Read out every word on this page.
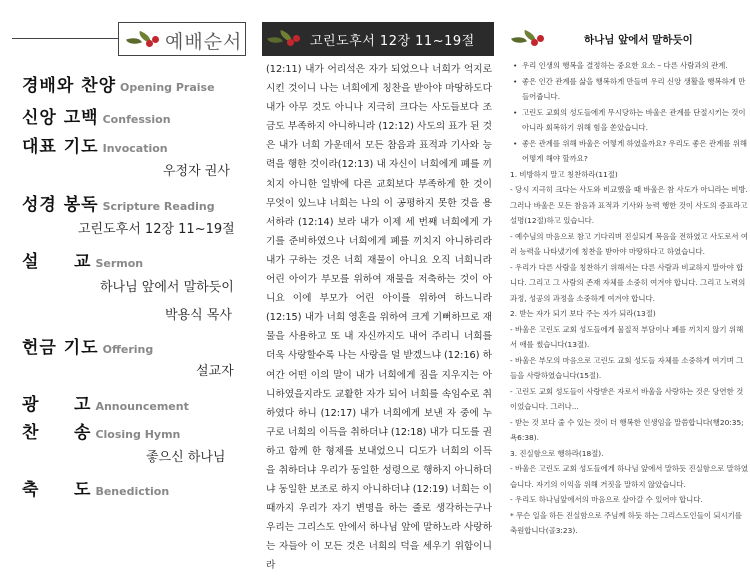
예배순서
경배와 찬양 Opening Praise
신앙 고백 Confession
대표 기도 Invocation
우정자 권사
성경 봉독 Scripture Reading
고린도후서 12장 11~19절
설 교 Sermon
하나님 앞에서 말하듯이
박용식 목사
헌금 기도 Offering
설교자
광 고 Announcement
찬 송 Closing Hymn
좋으신 하나님
축 도 Benediction
고린도후서 12장 11~19절
(12:11) 내가 어리석은 자가 되었으나 너희가 억지로 시킨 것이니 나는 너희에게 칭찬을 받아야 마땅하도다 내가 아무 것도 아니나 지극히 크다는 사도들보다 조금도 부족하지 아니하니라 (12:12) 사도의 표가 된 것은 내가 너희 가운데서 모든 참음과 표적과 기사와 능력을 행한 것이라(12:13) 내 자신이 너희에게 폐를 끼치지 아니한 일밖에 다른 교회보다 부족하게 한 것이 무엇이 있느냐 너희는 나의 이 공평하지 못한 것을 용서하라 (12:14) 보라 내가 이제 세 번째 너희에게 가기를 준비하였으나 너희에게 폐를 끼치지 아니하리라 내가 구하는 것은 너희 재물이 아니요 오직 너희니라 어린 아이가 부모를 위하여 재물을 저축하는 것이 아니요 이에 부모가 어린 아이를 위하여 하느니라 (12:15) 내가 너희 영혼을 위하여 크게 기뻐하므로 재물을 사용하고 또 내 자신까지도 내어 주리니 너희를 더욱 사랑할수록 나는 사랑을 덜 받겠느냐 (12:16) 하여간 어떤 이의 말이 내가 너희에게 짐을 지우지는 아니하였을지라도 교활한 자가 되어 너희를 속임수로 취하였다 하니 (12:17) 내가 너희에게 보낸 자 중에 누구로 너희의 이득을 취하더냐 (12:18) 내가 디도를 권하고 함께 한 형제를 보내었으니 디도가 너희의 이득을 취하더냐 우리가 동일한 성령으로 행하지 아니하더냐 동일한 보조로 하지 아니하더냐 (12:19) 너희는 이 때까지 우리가 자기 변명을 하는 줄로 생각하는구나 우리는 그리스도 안에서 하나님 앞에 말하노라 사랑하는 자들아 이 모든 것은 너희의 덕을 세우기 위함이니라
하나님 앞에서 말하듯이

• 우리 인생의 행복을 결정하는 중요한 요소 – 다른 사람과의 관계.

• 좋은 인간 관계를 삶을 행복하게 만들며 우리 신앙 생활을 행복하게 만들어줍니다.

• 고린도 교회의 성도들에게 무시당하는 바울은 관계를 단절시키는 것이 아니라 회복하기 위해 힘을 쏟았습니다.

• 좋은 관계를 위해 바울은 어떻게 하였을까요? 우리도 좋은 관계를 위해 어떻게 해야 할까요?

1. 비방하지 말고 칭찬하라(11절)

- 당시 지극히 크다는 사도와 비교했을 때 바울은 참 사도가 아니라는 비방. 그러나 바울은 모든 참음과 표적과 기사와 능력 행한 것이 사도의 증표라고 설명(12절)하고 있습니다.

- 예수님의 마음으로 참고 기다리며 진실되게 복음을 전하였고 사도로서 여러 능력을 나타냈기에 칭찬을 받아야 마땅하다고 하였습니다.

- 우리가 다른 사람을 칭찬하기 위해서는 다른 사람과 비교하지 말아야 합니다. 그리고 그 사람의 존재 자체를 소중히 여겨야 합니다. 그리고 노력의 과정, 성공의 과정을 소중하게 여겨야 합니다.

2. 받는 자가 되기 보다 주는 자가 되라(13절)

- 바울은 고린도 교회 성도들에게 물질적 부담이나 폐를 끼치지 않기 위해서 애를 썼습니다(13절).

- 바울은 부모의 마음으로 고린도 교회 성도들 자체를 소중하게 여기며 그들을 사랑하였습니다(15절).

- 고린도 교회 성도들이 사랑받은 자로서 바울을 사랑하는 것은 당연한 것이었습니다. 그러나...

- 받는 것 보다 줄 수 있는 것이 더 행복한 인생임을 말씀합니다(행20:35; 욕6:38).

3. 진실함으로 행하라(18절).

- 바울은 고린도 교회 성도들에게 하나님 앞에서 말하듯 진실함으로 말하였습니다. 자기의 이익을 위해 거짓을 말하지 않았습니다.

- 우리도 하나님앞에서의 마음으로 살아갈 수 있어야 합니다.

* 무슨 일을 하든 진실함으로 주님께 하듯 하는 그리스도인들이 되시기를 축원합니다(골3:23).
